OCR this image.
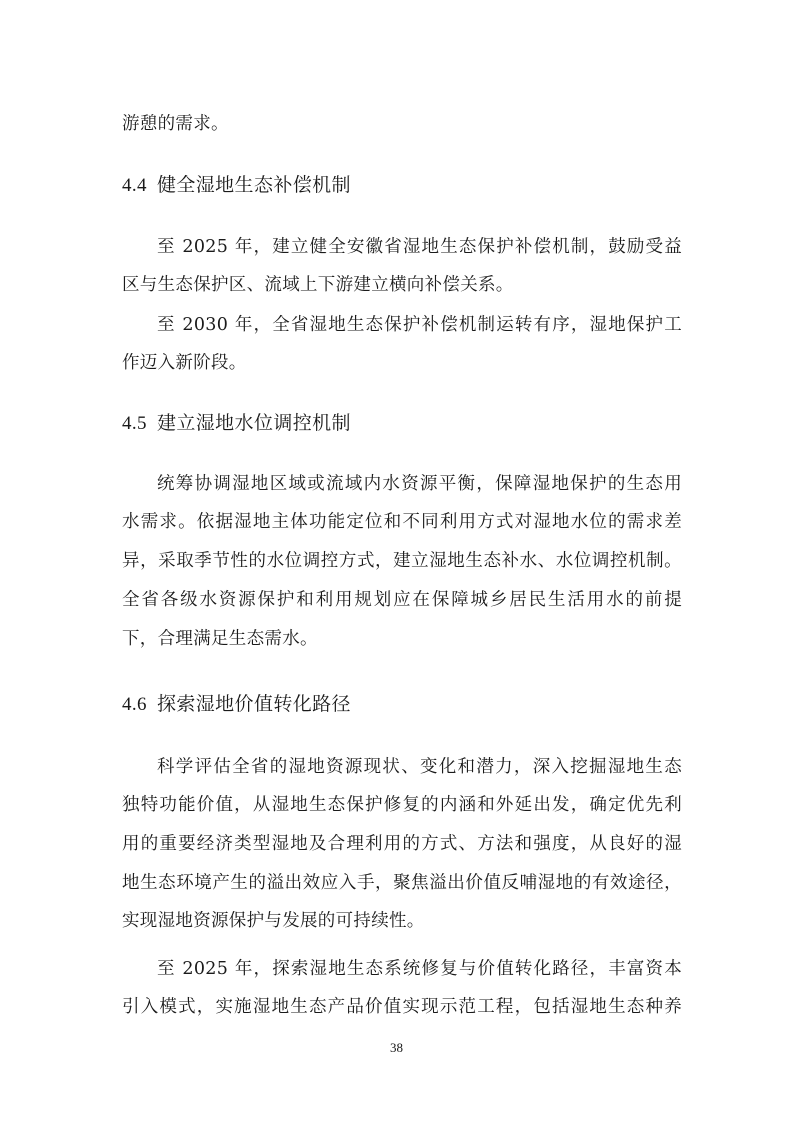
游憩的需求。
4.4 健全湿地生态补偿机制
至 2025 年，建立健全安徽省湿地生态保护补偿机制，鼓励受益
区与生态保护区、流域上下游建立横向补偿关系。
至 2030 年，全省湿地生态保护补偿机制运转有序，湿地保护工
作迈入新阶段。
4.5 建立湿地水位调控机制
统筹协调湿地区域或流域内水资源平衡，保障湿地保护的生态用
水需求。依据湿地主体功能定位和不同利用方式对湿地水位的需求差
异，采取季节性的水位调控方式，建立湿地生态补水、水位调控机制。
全省各级水资源保护和利用规划应在保障城乡居民生活用水的前提
下，合理满足生态需水。
4.6 探索湿地价值转化路径
科学评估全省的湿地资源现状、变化和潜力，深入挖掘湿地生态
独特功能价值，从湿地生态保护修复的内涵和外延出发，确定优先利
用的重要经济类型湿地及合理利用的方式、方法和强度，从良好的湿
地生态环境产生的溢出效应入手，聚焦溢出价值反哺湿地的有效途径，
实现湿地资源保护与发展的可持续性。
至 2025 年，探索湿地生态系统修复与价值转化路径，丰富资本
引入模式，实施湿地生态产品价值实现示范工程，包括湿地生态种养
38
